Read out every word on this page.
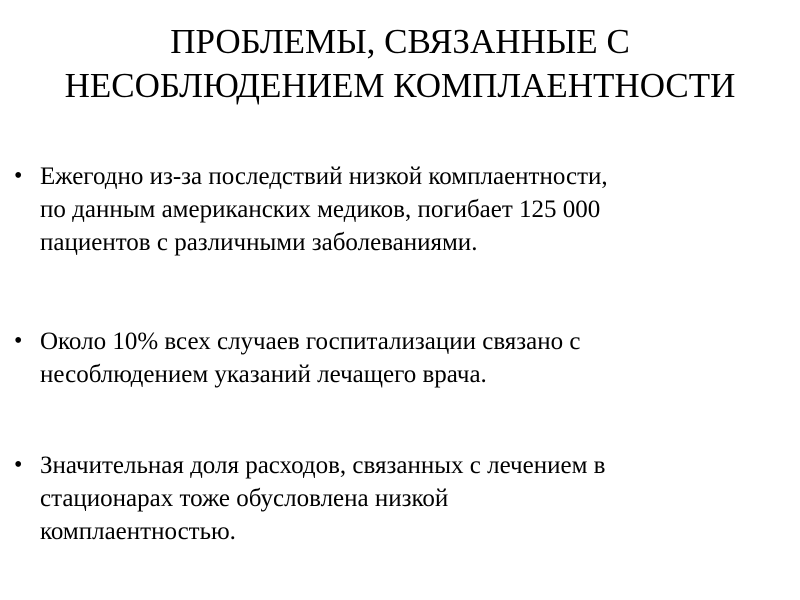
ПРОБЛЕМЫ, СВЯЗАННЫЕ С
НЕСОБЛЮДЕНИЕМ КОМПЛАЕНТНОСТИ
• Ежегодно из-за последствий низкой комплаентности,
по данным американских медиков, погибает 125 000
пациентов с различными заболеваниями.
• Около 10% всех случаев госпитализации связано с
несоблюдением указаний лечащего врача.
• Значительная доля расходов, связанных с лечением в
стационарах тоже обусловлена низкой
комплаентностью.
